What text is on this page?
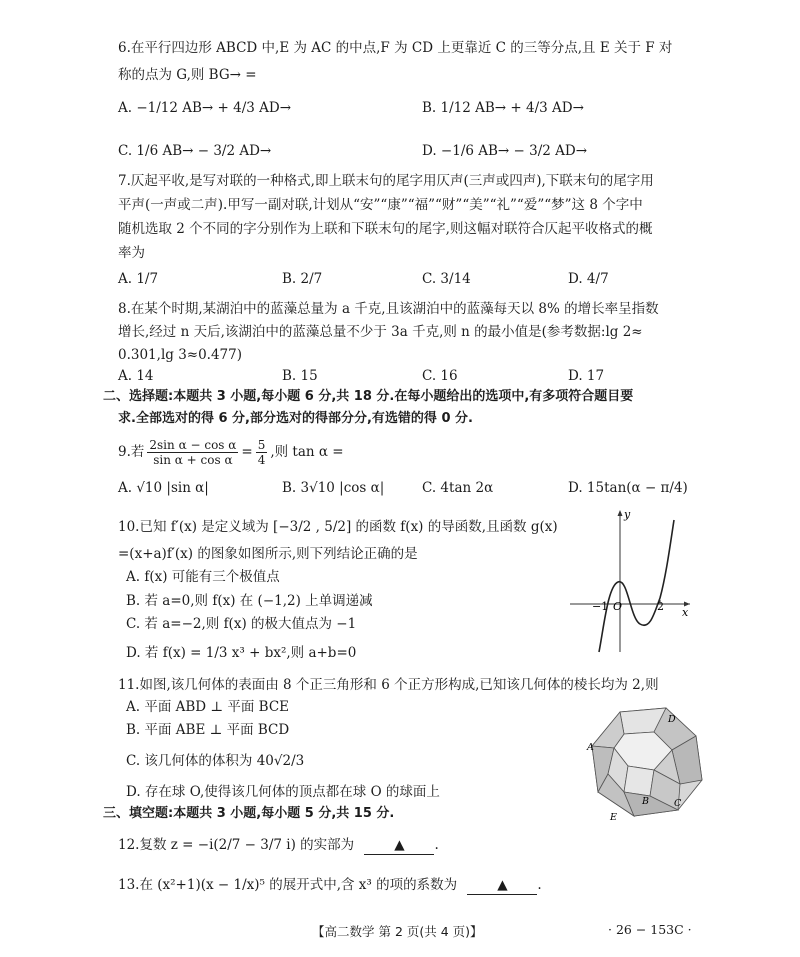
6.在平行四边形 ABCD 中,E 为 AC 的中点,F 为 CD 上更靠近 C 的三等分点,且 E 关于 F 对
称的点为 G,则 BG→ =
A. −1/12 AB→ + 4/3 AD→	B. 1/12 AB→ + 4/3 AD→
C. 1/6 AB→ − 3/2 AD→	D. −1/6 AB→ − 3/2 AD→
7.仄起平收,是写对联的一种格式,即上联末句的尾字用仄声(三声或四声),下联末句的尾字用
平声(一声或二声).甲写一副对联,计划从“安”“康”“福”“财”“美”“礼”“爱”“梦”这 8 个字中
随机选取 2 个不同的字分别作为上联和下联末句的尾字,则这幅对联符合仄起平收格式的概
率为
A. 1/7	B. 2/7	C. 3/14	D. 4/7
8.在某个时期,某湖泊中的蓝藻总量为 a 千克,且该湖泊中的蓝藻每天以 8% 的增长率呈指数
增长,经过 n 天后,该湖泊中的蓝藻总量不少于 3a 千克,则 n 的最小值是(参考数据:lg 2≈
0.301,lg 3≈0.477)
A. 14	B. 15	C. 16	D. 17
二、选择题:本题共 3 小题,每小题 6 分,共 18 分.在每小题给出的选项中,有多项符合题目要
求.全部选对的得 6 分,部分选对的得部分分,有选错的得 0 分.
9.若 $\frac{\text{2sin α − cos α}}{\text{sin α + cos α}} = \frac{5}{4}$ ,则 tan α =
A. √10 |sin α|	B. 3√10 |cos α|	C. 4tan 2α	D. 15tan(α − π/4)
10.已知 f′(x) 是定义域为 [−3/2 , 5/2] 的函数 f(x) 的导函数,且函数 g(x)
=(x+a)f′(x) 的图象如图所示,则下列结论正确的是
A. f(x) 可能有三个极值点
B. 若 a=0,则 f(x) 在 (−1,2) 上单调递减
C. 若 a=−2,则 f(x) 的极大值点为 −1
D. 若 f(x) = 1/3 x³ + bx²,则 a+b=0
y
x
−1 O	2
11.如图,该几何体的表面由 8 个正三角形和 6 个正方形构成,已知该几何体的棱长均为 2,则
A. 平面 ABD ⊥ 平面 BCE
B. 平面 ABE ⊥ 平面 BCD
C. 该几何体的体积为 40√2/3
D. 存在球 O,使得该几何体的顶点都在球 O 的球面上
A
D
B	C
E
三、填空题:本题共 3 小题,每小题 5 分,共 15 分.
12.复数 z = −i(2/7 − 3/7 i) 的实部为	▲ .
13.在 (x²+1)(x − 1/x)⁵ 的展开式中,含 x³ 的项的系数为	▲ .
【高二数学 第 2 页(共 4 页)】	· 26 − 153C ·
